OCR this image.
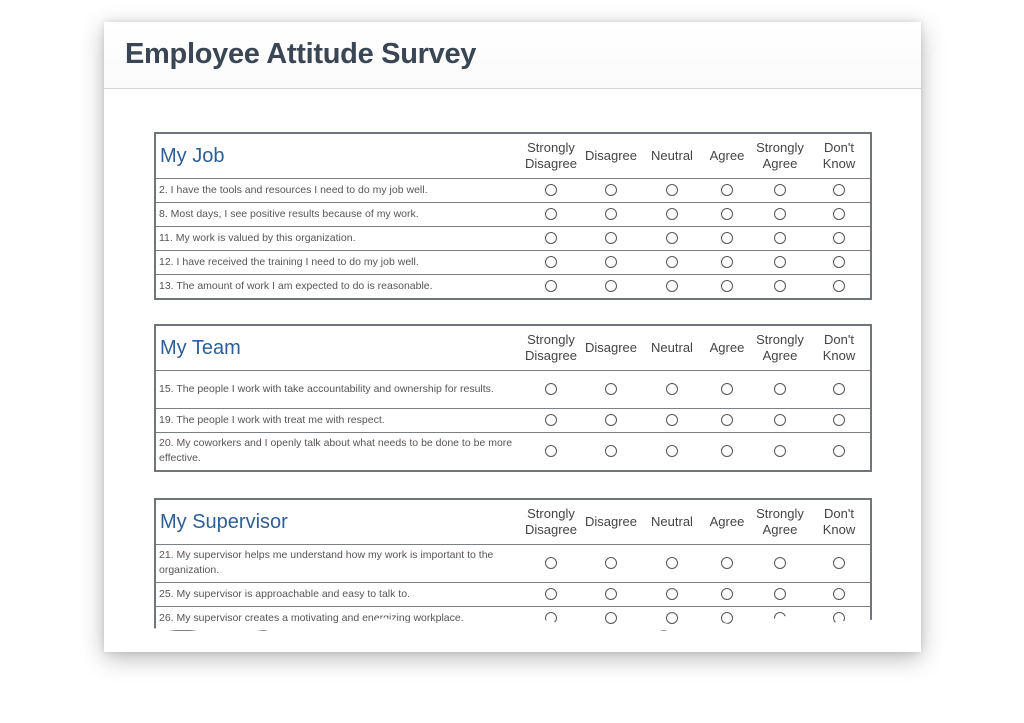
Employee Attitude Survey
My Job	Strongly Disagree	Disagree	Neutral	Agree	Strongly Agree	Don't Know
2. I have the tools and resources I need to do my job well.						
8. Most days, I see positive results because of my work.						
11. My work is valued by this organization.						
12. I have received the training I need to do my job well.						
13. The amount of work I am expected to do is reasonable.						
My Team	Strongly Disagree	Disagree	Neutral	Agree	Strongly Agree	Don't Know
15. The people I work with take accountability and ownership for results.						
19. The people I work with treat me with respect.						
20. My coworkers and I openly talk about what needs to be done to be more effective.						
My Supervisor	Strongly Disagree	Disagree	Neutral	Agree	Strongly Agree	Don't Know
21. My supervisor helps me understand how my work is important to the organization.						
25. My supervisor is approachable and easy to talk to.						
26. My supervisor creates a motivating and energizing workplace.						
